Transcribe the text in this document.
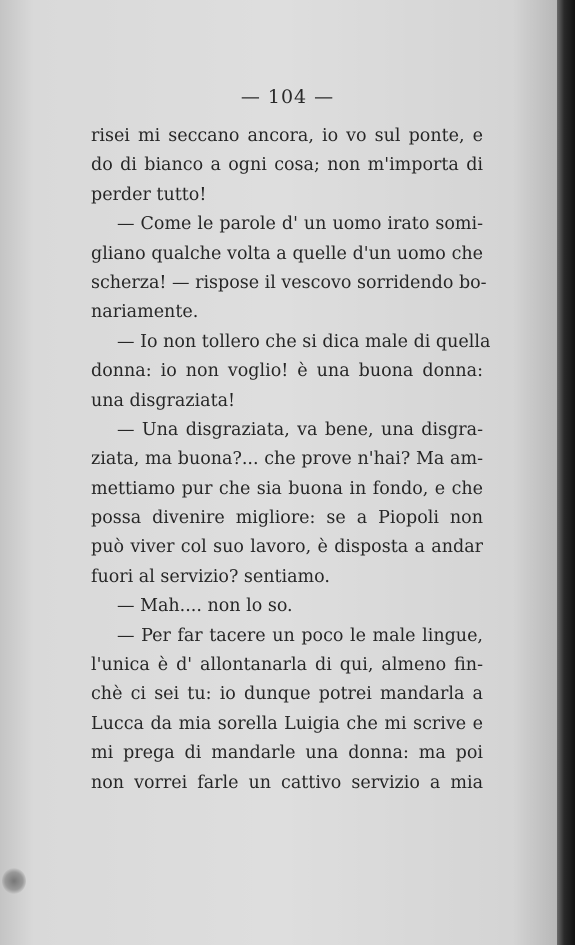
— 104 —
risei mi seccano ancora, io vo sul ponte, e
do di bianco a ogni cosa; non m'importa di
perder tutto!
— Come le parole d' un uomo irato somi-
gliano qualche volta a quelle d'un uomo che
scherza! — rispose il vescovo sorridendo bo-
nariamente.
— Io non tollero che si dica male di quella
donna: io non voglio! è una buona donna:
una disgraziata!
— Una disgraziata, va bene, una disgra-
ziata, ma buona?... che prove n'hai? Ma am-
mettiamo pur che sia buona in fondo, e che
possa divenire migliore: se a Piopoli non
può viver col suo lavoro, è disposta a andar
fuori al servizio? sentiamo.
— Mah.... non lo so.
— Per far tacere un poco le male lingue,
l'unica è d' allontanarla di qui, almeno fin-
chè ci sei tu: io dunque potrei mandarla a
Lucca da mia sorella Luigia che mi scrive e
mi prega di mandarle una donna: ma poi
non vorrei farle un cattivo servizio a mia
